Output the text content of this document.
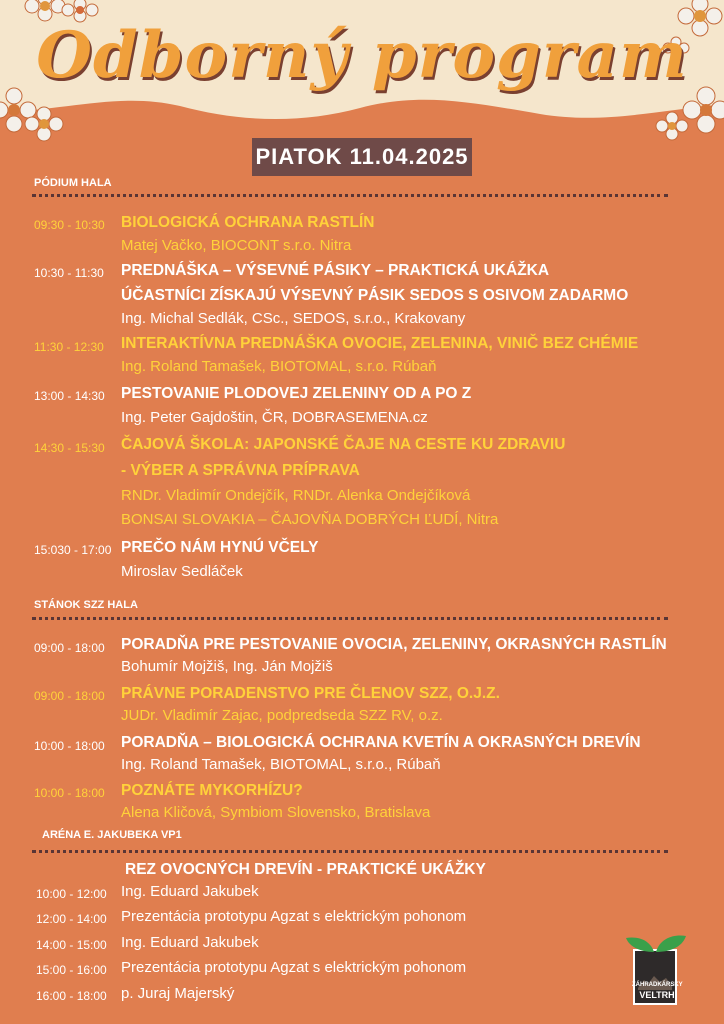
Odborný program
PIATOK 11.04.2025
PÓDIUM HALA
09:30 - 10:30 BIOLOGICKÁ OCHRANA RASTLÍN
Matej Vačko, BIOCONT s.r.o. Nitra
10:30 - 11:30 PREDNÁŠKA – VÝSEVNÉ PÁSIKY – PRAKTICKÁ UKÁŽKA
ÚČASTNÍCI ZÍSKAJÚ VÝSEVNÝ PÁSIK SEDOS S OSIVOM ZADARMO
Ing. Michal Sedlák, CSc., SEDOS, s.r.o., Krakovany
11:30 - 12:30 INTERAKTÍVNA PREDNÁŠKA OVOCIE, ZELENINA, VINIČ BEZ CHÉMIE
Ing. Roland Tamašek, BIOTOMAL, s.r.o. Rúbaň
13:00 - 14:30 PESTOVANIE PLODOVEJ ZELENINY OD A PO Z
Ing. Peter Gajdoštin, ČR, DOBRASEMENA.cz
14:30 - 15:30 ČAJOVÁ ŠKOLA: JAPONSKÉ ČAJE NA CESTE KU ZDRAVIU
- VÝBER A SPRÁVNA PRÍPRAVA
RNDr. Vladimír Ondejčík, RNDr. Alenka Ondejčíková
BONSAI SLOVAKIA – ČAJOVŇA DOBRÝCH ĽUDÍ, Nitra
15:030 - 17:00 PREČO NÁM HYNÚ VČELY
Miroslav Sedláček
STÁNOK SZZ HALA
09:00 - 18:00 PORADŇA PRE PESTOVANIE OVOCIA, ZELENINY, OKRASNÝCH RASTLÍN
Bohumír Mojžiš, Ing. Ján Mojžiš
09:00 - 18:00 PRÁVNE PORADENSTVO PRE ČLENOV SZZ, O.J.Z.
JUDr. Vladimír Zajac, podpredseda SZZ RV, o.z.
10:00 - 18:00 PORADŇA – BIOLOGICKÁ OCHRANA KVETÍN A OKRASNÝCH DREVÍN
Ing. Roland Tamašek, BIOTOMAL, s.r.o., Rúbaň
10:00 - 18:00 POZNÁTE MYKORHÍZU?
Alena Kličová, Symbiom Slovensko, Bratislava
ARÉNA E. JAKUBEKA VP1
REZ OVOCNÝCH DREVÍN - PRAKTICKÉ UKÁŽKY
10:00 - 12:00 Ing. Eduard Jakubek
12:00 - 14:00 Prezentácia prototypu Agzat s elektrickým pohonom
14:00 - 15:00 Ing. Eduard Jakubek
15:00 - 16:00 Prezentácia prototypu Agzat s elektrickým pohonom
16:00 - 18:00 p. Juraj Majerský	ZÁHRADKÁRSKY
VELTRH
